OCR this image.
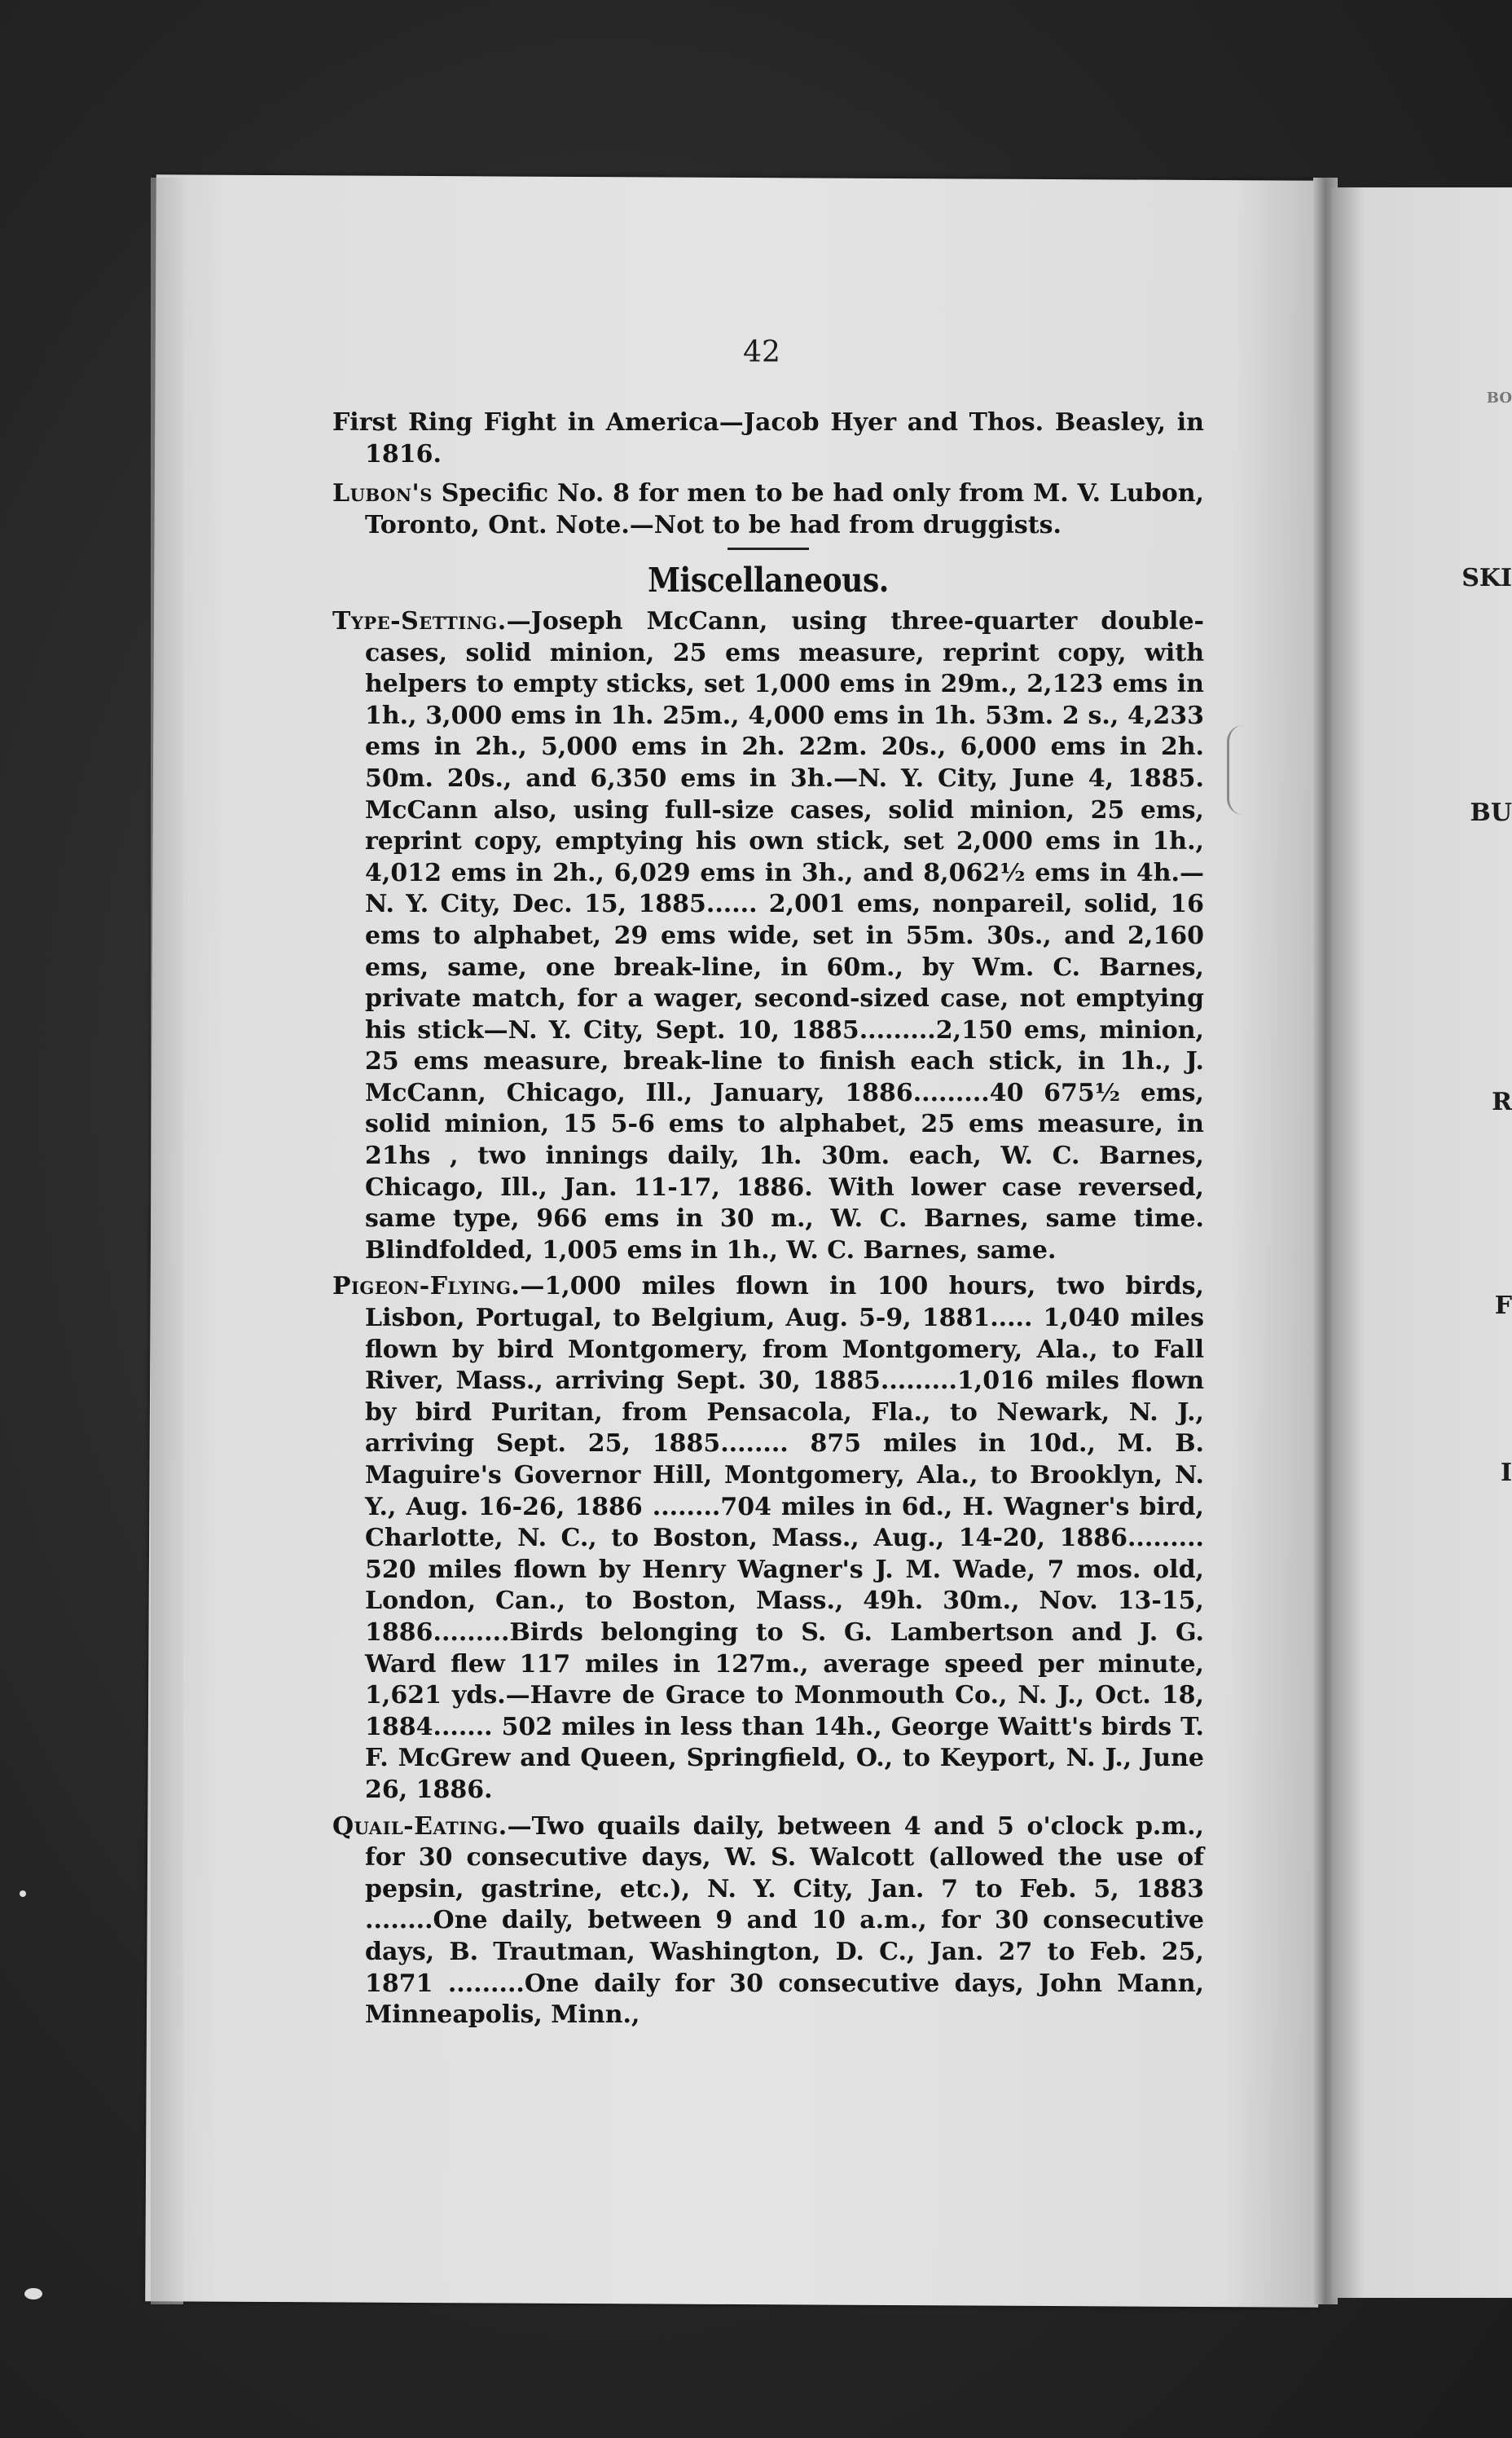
BO
SKI
BU
R
F
I
42

First Ring Fight in America—Jacob Hyer and Thos. Beasley, in 1816.

Lubon's Specific No. 8 for men to be had only from M. V. Lubon, Toronto, Ont. Note.—Not to be had from druggists.

Miscellaneous.

Type-Setting.—Joseph McCann, using three-quarter double-cases, solid minion, 25 ems measure, reprint copy, with helpers to empty sticks, set 1,000 ems in 29m., 2,123 ems in 1h., 3,000 ems in 1h. 25m., 4,000 ems in 1h. 53m. 2 s., 4,233 ems in 2h., 5,000 ems in 2h. 22m. 20s., 6,000 ems in 2h. 50m. 20s., and 6,350 ems in 3h.—N. Y. City, June 4, 1885. McCann also, using full-size cases, solid minion, 25 ems, reprint copy, emptying his own stick, set 2,000 ems in 1h., 4,012 ems in 2h., 6,029 ems in 3h., and 8,062½ ems in 4h.—N. Y. City, Dec. 15, 1885...... 2,001 ems, nonpareil, solid, 16 ems to alphabet, 29 ems wide, set in 55m. 30s., and 2,160 ems, same, one break-line, in 60m., by Wm. C. Barnes, private match, for a wager, second-sized case, not emptying his stick—N. Y. City, Sept. 10, 1885.........2,150 ems, minion, 25 ems measure, break-line to finish each stick, in 1h., J. McCann, Chicago, Ill., January, 1886.........40 675½ ems, solid minion, 15 5-6 ems to alphabet, 25 ems measure, in 21hs , two innings daily, 1h. 30m. each, W. C. Barnes, Chicago, Ill., Jan. 11-17, 1886. With lower case reversed, same type, 966 ems in 30 m., W. C. Barnes, same time. Blindfolded, 1,005 ems in 1h., W. C. Barnes, same.

Pigeon-Flying.—1,000 miles flown in 100 hours, two birds, Lisbon, Portugal, to Belgium, Aug. 5-9, 1881..... 1,040 miles flown by bird Montgomery, from Montgomery, Ala., to Fall River, Mass., arriving Sept. 30, 1885.........1,016 miles flown by bird Puritan, from Pensacola, Fla., to Newark, N. J., arriving Sept. 25, 1885........ 875 miles in 10d., M. B. Maguire's Governor Hill, Montgomery, Ala., to Brooklyn, N. Y., Aug. 16-26, 1886 ........704 miles in 6d., H. Wagner's bird, Charlotte, N. C., to Boston, Mass., Aug., 14-20, 1886......... 520 miles flown by Henry Wagner's J. M. Wade, 7 mos. old, London, Can., to Boston, Mass., 49h. 30m., Nov. 13-15, 1886.........Birds belonging to S. G. Lambertson and J. G. Ward flew 117 miles in 127m., average speed per minute, 1,621 yds.—Havre de Grace to Monmouth Co., N. J., Oct. 18, 1884....... 502 miles in less than 14h., George Waitt's birds T. F. McGrew and Queen, Springfield, O., to Keyport, N. J., June 26, 1886.

Quail-Eating.—Two quails daily, between 4 and 5 o'clock p.m., for 30 consecutive days, W. S. Walcott (allowed the use of pepsin, gastrine, etc.), N. Y. City, Jan. 7 to Feb. 5, 1883 ........One daily, between 9 and 10 a.m., for 30 consecutive days, B. Trautman, Washington, D. C., Jan. 27 to Feb. 25, 1871 .........One daily for 30 consecutive days, John Mann, Minneapolis, Minn.,
